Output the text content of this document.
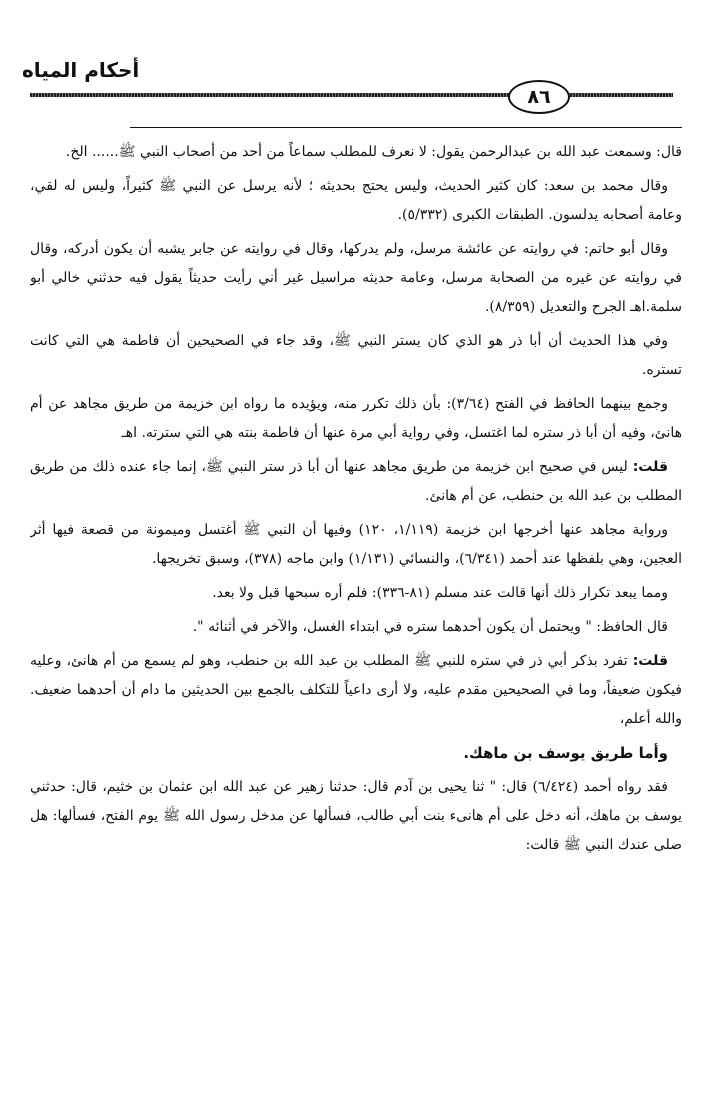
أحكام المياه
٨٦

قال: وسمعت عبد الله بن عبدالرحمن يقول: لا نعرف للمطلب سماعاً من أحد من أصحاب النبي ﷺ...... الخ.

وقال محمد بن سعد: كان كثير الحديث، وليس يحتج بحديثه ؛ لأنه يرسل عن النبي ﷺ كثيراً، وليس له لقي، وعامة أصحابه يدلسون. الطبقات الكبرى (٥/٣٣٢).

وقال أبو حاتم: في روايته عن عائشة مرسل، ولم يدركها، وقال في روايته عن جابر يشبه أن يكون أدركه، وقال في روايته عن غيره من الصحابة مرسل، وعامة حديثه مراسيل غير أني رأيت حديثاً يقول فيه حدثني خالي أبو سلمة.اهـ الجرح والتعديل (٨/٣٥٩).

وفي هذا الحديث أن أبا ذر هو الذي كان يستر النبي ﷺ، وقد جاء في الصحيحين أن فاطمة هي التي كانت تستره.

وجمع بينهما الحافظ في الفتح (٣/٦٤): بأن ذلك تكرر منه، ويؤيده ما رواه ابن خزيمة من طريق مجاهد عن أم هانئ، وفيه أن أبا ذر ستره لما اغتسل، وفي رواية أبي مرة عنها أن فاطمة بنته هي التي سترته. اهـ

قلت: ليس في صحيح ابن خزيمة من طريق مجاهد عنها أن أبا ذر ستر النبي ﷺ، إنما جاء عنده ذلك من طريق المطلب بن عبد الله بن حنطب، عن أم هانئ.

ورواية مجاهد عنها أخرجها ابن خزيمة (١/١١٩، ١٢٠) وفيها أن النبي ﷺ أغتسل وميمونة من قصعة فيها أثر العجين، وهي بلفظها عند أحمد (٦/٣٤١)، والنسائي (١/١٣١) وابن ماجه (٣٧٨)، وسبق تخريجها.

ومما يبعد تكرار ذلك أنها قالت عند مسلم (٨١-٣٣٦): فلم أره سبحها قبل ولا بعد.

قال الحافظ: " ويحتمل أن يكون أحدهما ستره في ابتداء الغسل، والآخر في أثنائه ".

قلت: تفرد بذكر أبي ذر في ستره للنبي ﷺ المطلب بن عبد الله بن حنطب، وهو لم يسمع من أم هانئ، وعليه فيكون ضعيفاً، وما في الصحيحين مقدم عليه، ولا أرى داعياً للتكلف بالجمع بين الحديثين ما دام أن أحدهما ضعيف. والله أعلم،

وأما طريق يوسف بن ماهك.

فقد رواه أحمد (٦/٤٢٤) قال: " ثنا يحيى بن آدم قال: حدثنا زهير عن عبد الله ابن عثمان بن خثيم، قال: حدثني يوسف بن ماهك، أنه دخل على أم هانىء بنت أبي طالب، فسألها عن مدخل رسول الله ﷺ يوم الفتح، فسألها: هل صلى عندك النبي ﷺ قالت:
